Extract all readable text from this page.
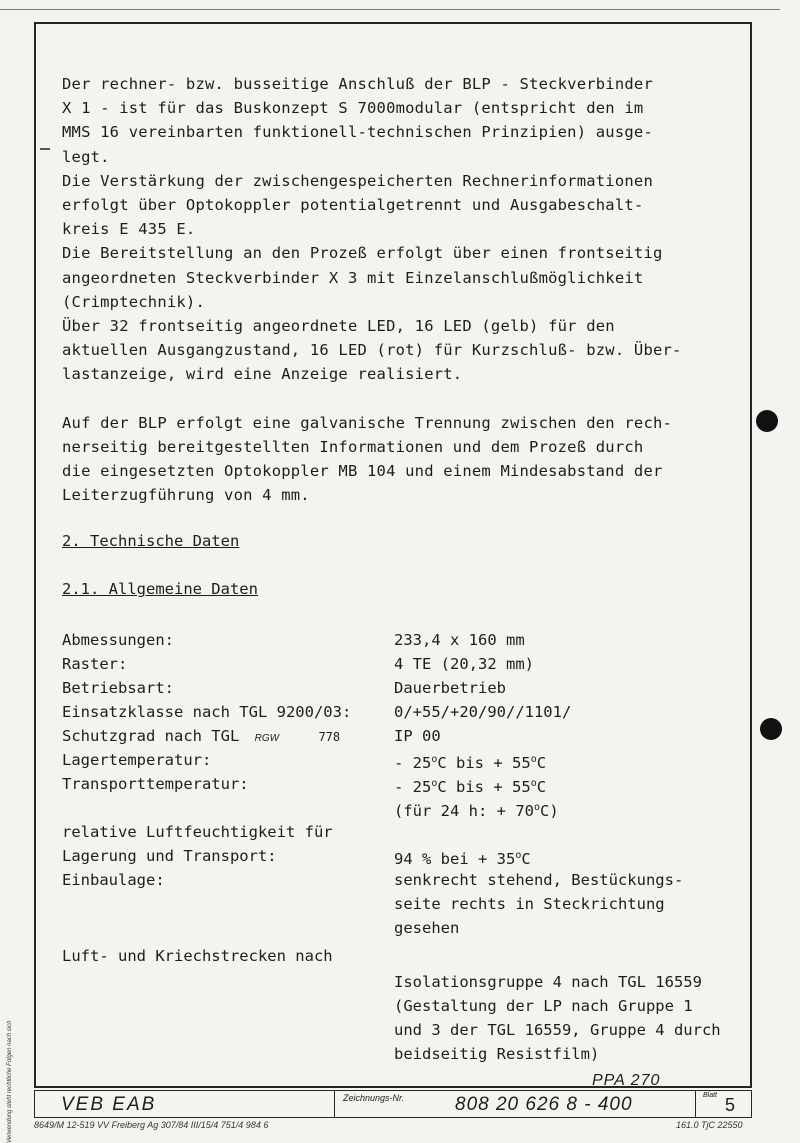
Verwendung steht rechtliche Folgen nach sich
Der rechner- bzw. busseitige Anschluß der BLP - Steckverbinder
X 1 - ist für das Buskonzept S 7000modular (entspricht den im
MMS 16 vereinbarten funktionell-technischen Prinzipien) ausge-
legt.
Die Verstärkung der zwischengespeicherten Rechnerinformationen
erfolgt über Optokoppler potentialgetrennt und Ausgabeschalt-
kreis E 435 E.
Die Bereitstellung an den Prozeß erfolgt über einen frontseitig
angeordneten Steckverbinder X 3 mit Einzelanschlußmöglichkeit
(Crimptechnik).
Über 32 frontseitig angeordnete LED, 16 LED (gelb) für den
aktuellen Ausgangzustand, 16 LED (rot) für Kurzschluß- bzw. Über-
lastanzeige, wird eine Anzeige realisiert.
Auf der BLP erfolgt eine galvanische Trennung zwischen den rech-
nerseitig bereitgestellten Informationen und dem Prozeß durch
die eingesetzten Optokoppler MB 104 und einem Mindesabstand der
Leiterzugführung von 4 mm.
2. Technische Daten
2.1. Allgemeine Daten
Abmessungen:	233,4 x 160 mm
Raster:	4 TE (20,32 mm)
Betriebsart:	Dauerbetrieb
Einsatzklasse nach TGL 9200/03:	0/+55/+20/90//1101/
Schutzgrad nach TGL RGW	778	IP 00
Lagertemperatur:	- 25$^o$C bis + $55^oC$
Transporttemperatur:	- 25$^o$C bis + $55^oC$
(für 24 h: + $70^oC$)
relative Luftfeuchtigkeit für
Lagerung und Transport:	94 % bei + $35^oC$
Einbaulage:	senkrecht stehend, Bestückungs-
seite rechts in Steckrichtung
gesehen
Luft- und Kriechstrecken nach
Isolationsgruppe 4 nach TGL 16559
(Gestaltung der LP nach Gruppe 1
und 3 der TGL 16559, Gruppe 4 durch
beidseitig Resistfilm)
PPA 270
VEB EAB	Zeichnungs-Nr.	808 20 626 8 - 400	Blatt 5
8649/M 12-519 VV Freiberg Ag 307/84 III/15/4 751/4 984 6	161.0 TjC 22550
